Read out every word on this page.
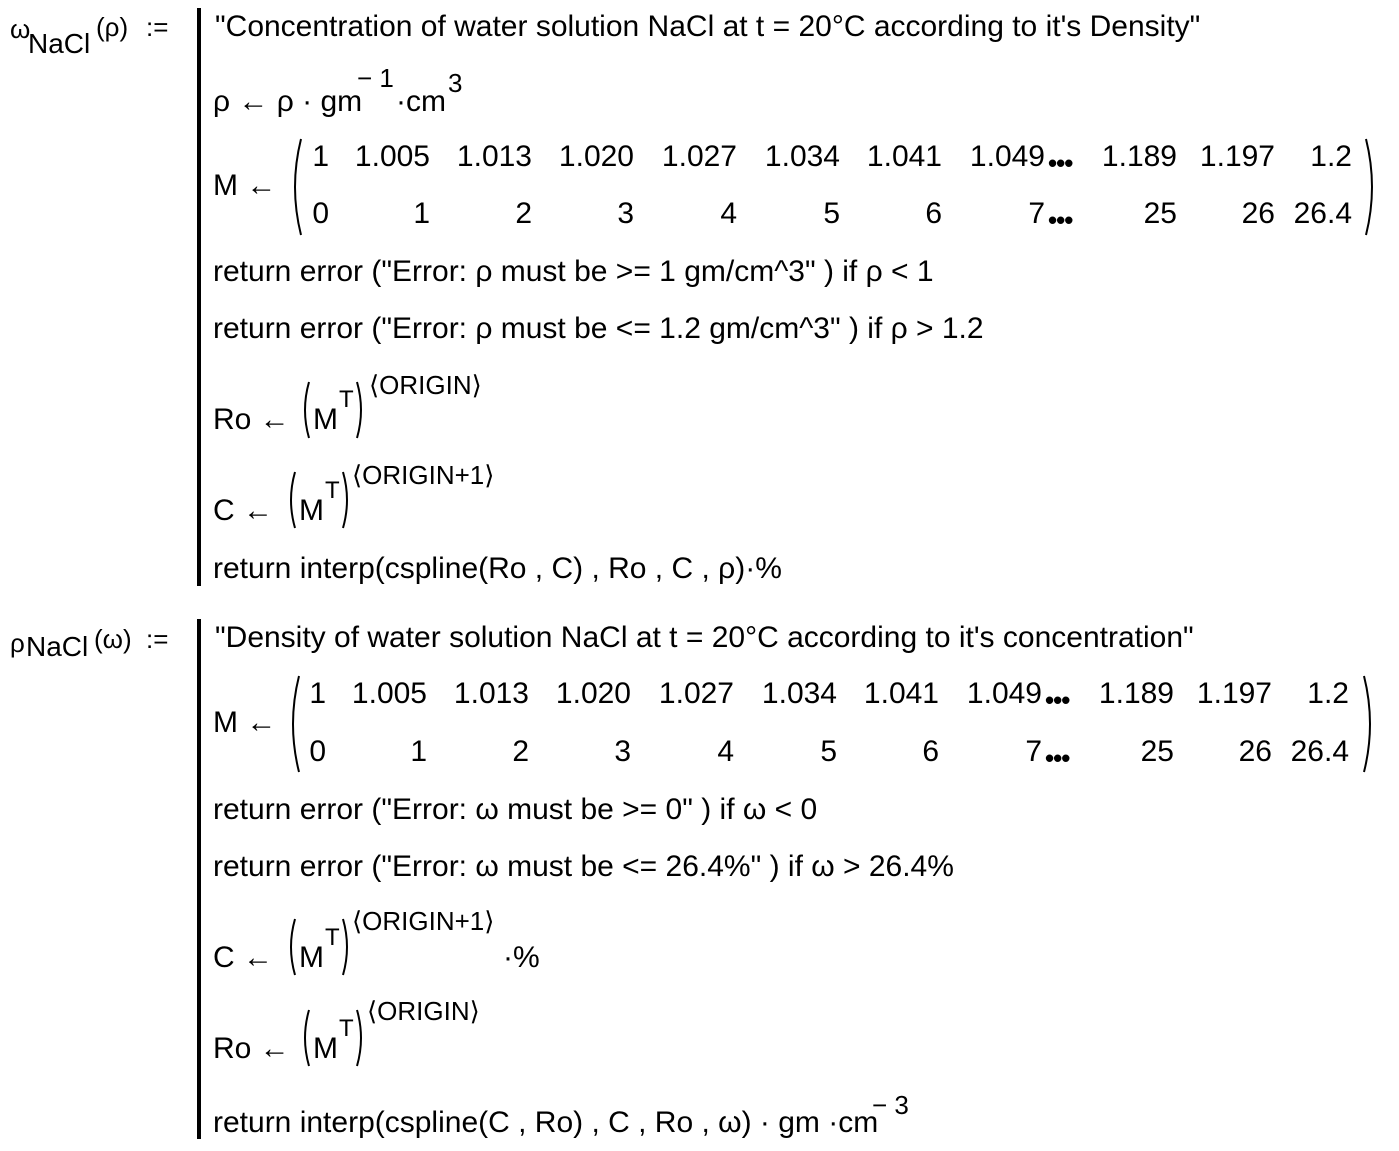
ω
NaCl
(ρ) := "Concentration of water solution NaCl at t = 20°C according to it's Density"
ρ ← ρ · gm
− 1
·cm
3
M ←
1 1.005 1.013 1.020 1.027 1.034 1.041 1.049 ••• 1.189 1.197 1.2
0	1	2	3	4	5	6	7 ••• 25 26 26.4
return error ("Error: ρ must be >= 1 gm/cm^3" ) if ρ < 1
return error ("Error: ρ must be <= 1.2 gm/cm^3" ) if ρ > 1.2
Ro ← M
T ⟨ORIGIN⟩
C ← M
T
⟨ORIGIN+1⟩
return interp(cspline(Ro , C) , Ro , C , ρ)·%
ρ NaCl (ω) := "Density of water solution NaCl at t = 20°C according to it's concentration"
M ←
1 1.005 1.013 1.020 1.027 1.034 1.041 1.049 ••• 1.189 1.197 1.2
0	1	2	3	4	5	6	7 ••• 25 26 26.4
return error ("Error: ω must be >= 0" ) if ω < 0
return error ("Error: ω must be <= 26.4%" ) if ω > 26.4%
C ← M
T
⟨ORIGIN+1⟩
·%
Ro ← M
T
⟨ORIGIN⟩
return interp(cspline(C , Ro) , C , Ro , ω) · gm ·cm
− 3
